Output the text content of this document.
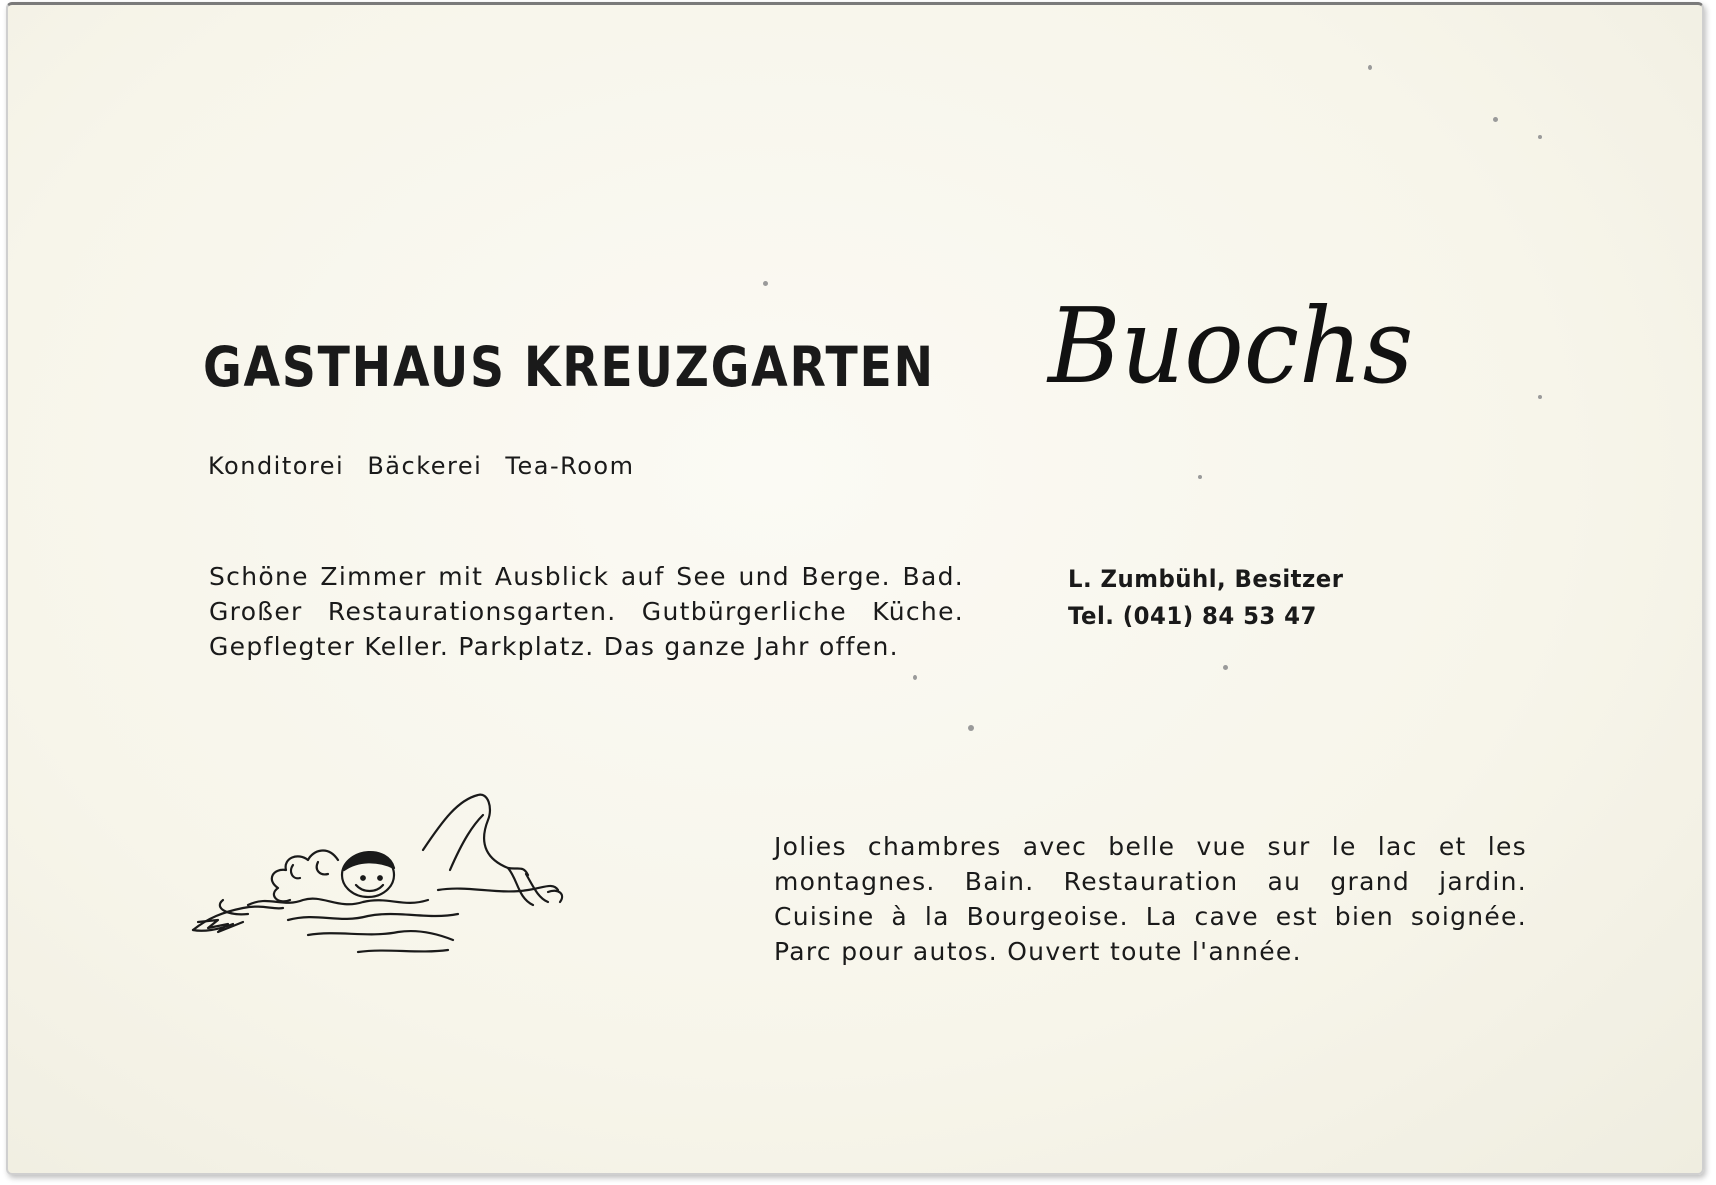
GASTHAUS KREUZGARTEN Buochs
Konditorei Bäckerei Tea-Room

Schöne Zimmer mit Ausblick auf See und Berge. Bad. Großer Restaurationsgarten. Gutbürgerliche Küche. Gepflegter Keller. Parkplatz. Das ganze Jahr offen.

L. Zumbühl, Besitzer
Tel. (041) 84 53 47

Jolies chambres avec belle vue sur le lac et les montagnes. Bain. Restauration au grand jardin. Cuisine à la Bourgeoise. La cave est bien soignée. Parc pour autos. Ouvert toute l'année.
